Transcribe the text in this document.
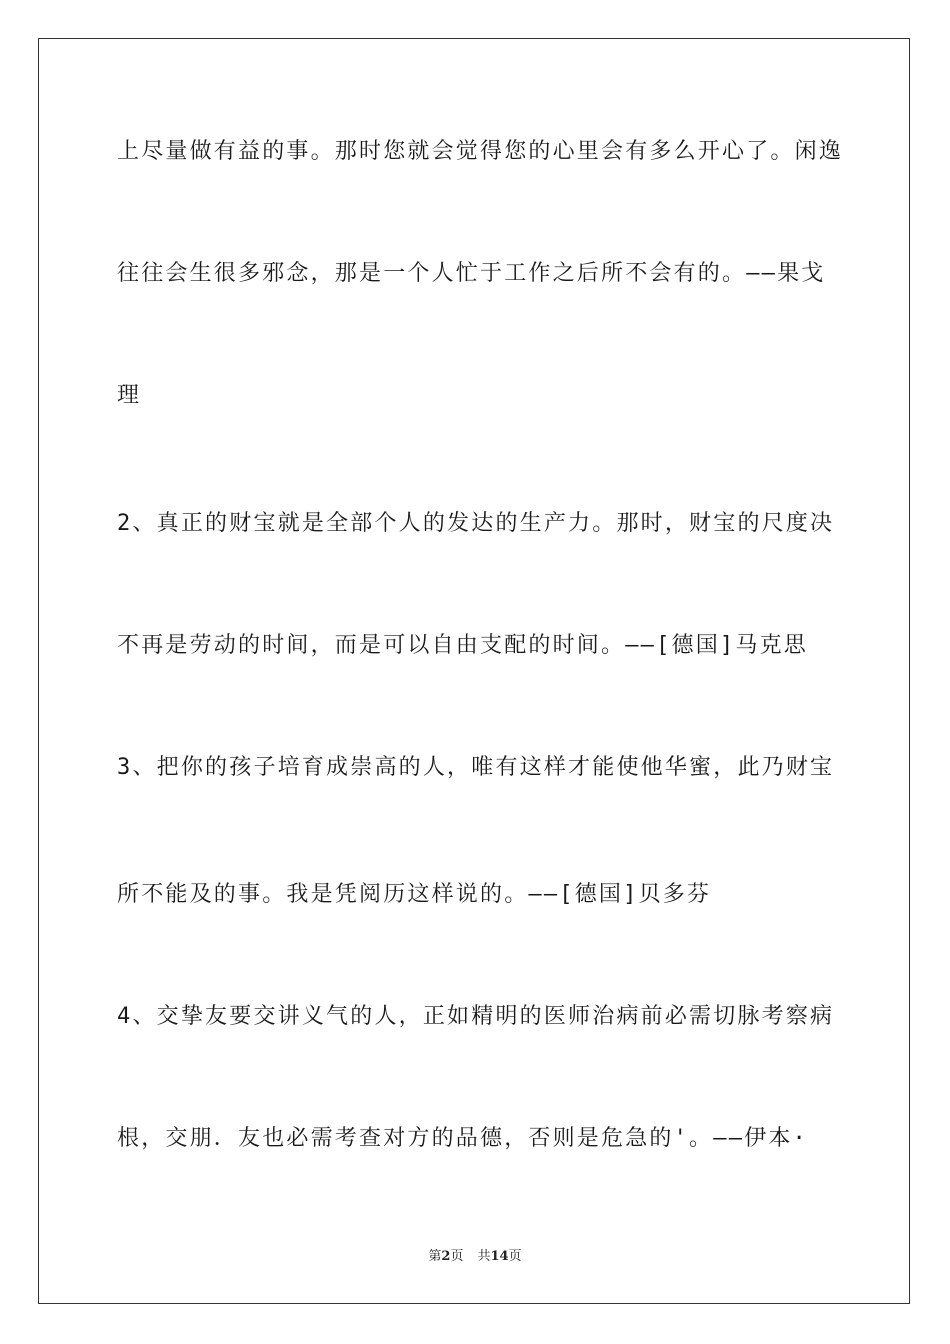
上尽量做有益的事。那时您就会觉得您的心里会有多么开心了。闲逸
往往会生很多邪念，那是一个人忙于工作之后所不会有的。——果戈
理
2、真正的财宝就是全部个人的发达的生产力。那时，财宝的尺度决
不再是劳动的时间，而是可以自由支配的时间。——[德国]马克思
3、把你的孩子培育成崇高的人，唯有这样才能使他华蜜，此乃财宝
所不能及的事。我是凭阅历这样说的。——[德国]贝多芬
4、交挚友要交讲义气的人，正如精明的医师治病前必需切脉考察病
根，交朋．友也必需考查对方的品德，否则是危急的'。——伊本·
第2页 共14页
